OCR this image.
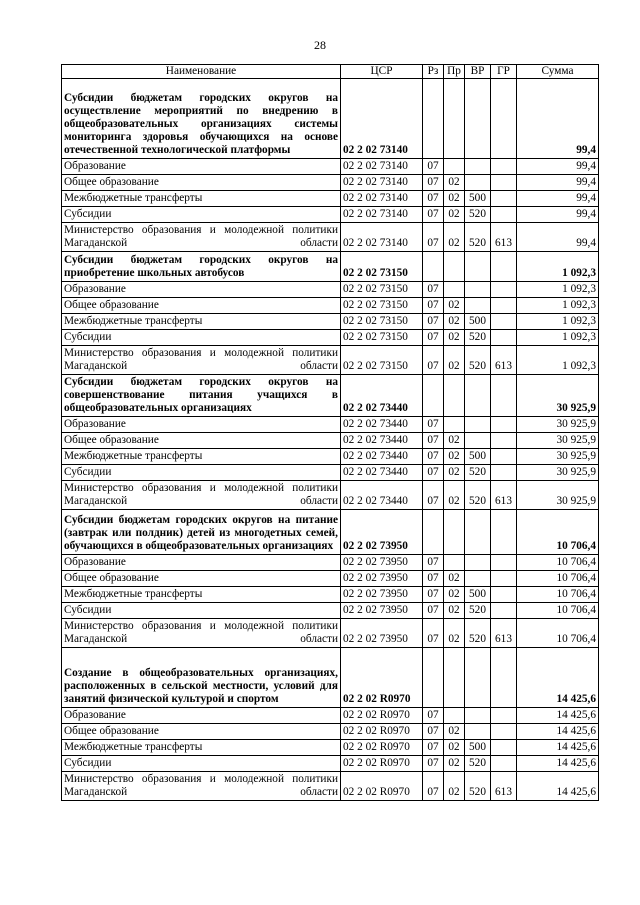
28
Наименование	ЦСР	Рз	Пр	ВР	ГР	Сумма
Субсидии бюджетам городских округов на осуществление мероприятий по внедрению в общеобразовательных организациях системы мониторинга здоровья обучающихся на основе отечественной технологической платформы	02 2 02 73140					99,4
Образование	02 2 02 73140	07				99,4
Общее образование	02 2 02 73140	07	02			99,4
Межбюджетные трансферты	02 2 02 73140	07	02	500		99,4
Субсидии	02 2 02 73140	07	02	520		99,4
Министерство образования и молодежной политики Магаданской области	02 2 02 73140	07	02	520	613	99,4
Субсидии бюджетам городских округов на приобретение школьных автобусов	02 2 02 73150					1 092,3
Образование	02 2 02 73150	07				1 092,3
Общее образование	02 2 02 73150	07	02			1 092,3
Межбюджетные трансферты	02 2 02 73150	07	02	500		1 092,3
Субсидии	02 2 02 73150	07	02	520		1 092,3
Министерство образования и молодежной политики Магаданской области	02 2 02 73150	07	02	520	613	1 092,3
Субсидии бюджетам городских округов на совершенствование питания учащихся в общеобразовательных организациях	02 2 02 73440					30 925,9
Образование	02 2 02 73440	07				30 925,9
Общее образование	02 2 02 73440	07	02			30 925,9
Межбюджетные трансферты	02 2 02 73440	07	02	500		30 925,9
Субсидии	02 2 02 73440	07	02	520		30 925,9
Министерство образования и молодежной политики Магаданской области	02 2 02 73440	07	02	520	613	30 925,9
Субсидии бюджетам городских округов на питание (завтрак или полдник) детей из многодетных семей, обучающихся в общеобразовательных организациях	02 2 02 73950					10 706,4
Образование	02 2 02 73950	07				10 706,4
Общее образование	02 2 02 73950	07	02			10 706,4
Межбюджетные трансферты	02 2 02 73950	07	02	500		10 706,4
Субсидии	02 2 02 73950	07	02	520		10 706,4
Министерство образования и молодежной политики Магаданской области	02 2 02 73950	07	02	520	613	10 706,4
Создание в общеобразовательных организациях, расположенных в сельской местности, условий для занятий физической культурой и спортом	02 2 02 R0970					14 425,6
Образование	02 2 02 R0970	07				14 425,6
Общее образование	02 2 02 R0970	07	02			14 425,6
Межбюджетные трансферты	02 2 02 R0970	07	02	500		14 425,6
Субсидии	02 2 02 R0970	07	02	520		14 425,6
Министерство образования и молодежной политики Магаданской области	02 2 02 R0970	07	02	520	613	14 425,6
